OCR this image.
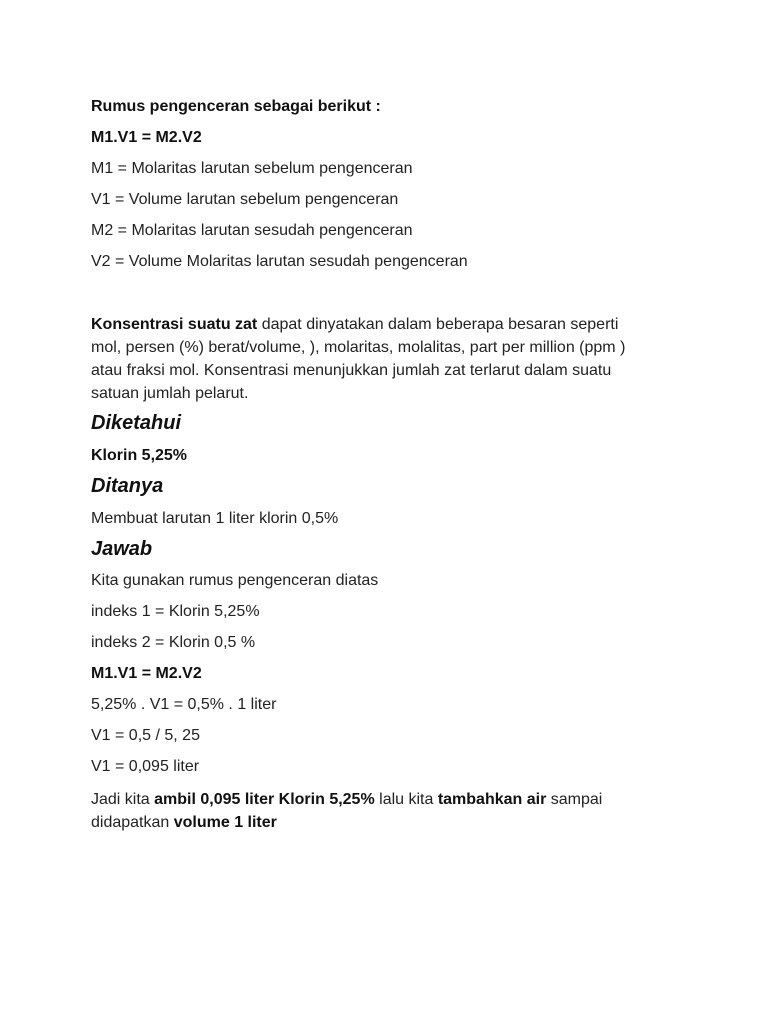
Rumus pengenceran sebagai berikut :
M1.V1 = M2.V2
M1 = Molaritas larutan sebelum pengenceran
V1 = Volume larutan sebelum pengenceran
M2 = Molaritas larutan sesudah pengenceran
V2 = Volume Molaritas larutan sesudah pengenceran
Konsentrasi suatu zat dapat dinyatakan dalam beberapa besaran seperti
mol, persen (%) berat/volume, ), molaritas, molalitas, part per million (ppm )
atau fraksi mol. Konsentrasi menunjukkan jumlah zat terlarut dalam suatu
satuan jumlah pelarut.
Diketahui
Klorin 5,25%
Ditanya
Membuat larutan 1 liter klorin 0,5%
Jawab
Kita gunakan rumus pengenceran diatas
indeks 1 = Klorin 5,25%
indeks 2 = Klorin 0,5 %
M1.V1 = M2.V2
5,25% . V1 = 0,5% . 1 liter
V1 = 0,5 / 5, 25
V1 = 0,095 liter
Jadi kita ambil 0,095 liter Klorin 5,25% lalu kita tambahkan air sampai
didapatkan volume 1 liter
